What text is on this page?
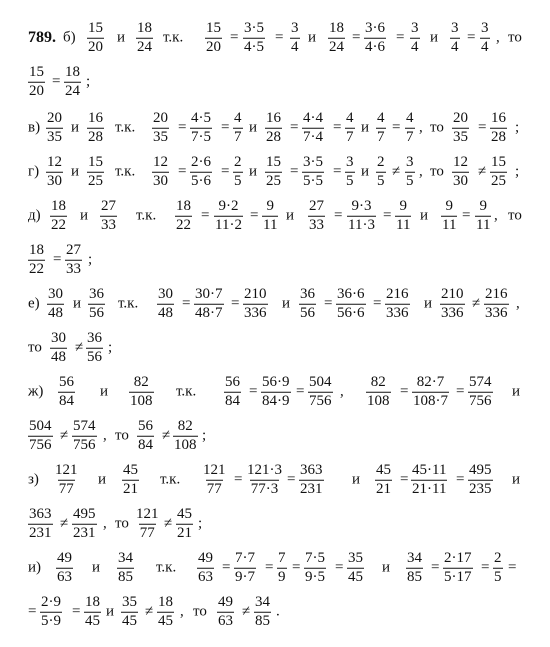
789. б)
15
20
и
18
24
т.к.
15
20
=
3·5
4·5
=
3
4
и
18
24
=
3·6
4·6
=
3
4
и
3
4
=
3
4
, то
15
20
=
18
24
;
в)
20
35
и
16
28
т.к.
20
35
=
4·5
7·5
=
4
7
и
16
28
=
4·4
7·4
=
4
7
и
4
7
=
4
7
, то
20
35
=
16
28
;
г)
12
30
и
15
25
т.к.
12
30
=
2·6
5·6
=
2
5
и
15
25
=
3·5
5·5
=
3
5
и
2
5
≠
3
5
, то
12
30
≠
15
25
;
д)
18
22
и
27
33
т.к.
18
22
=
9·2
11·2
=
9
11
и
27
33
=
9·3
11·3
=
9
11
и
9
11
=
9
11
, то
18
22
=
27
33
;
е)
30
48
и
36
56
т.к.
30
48
=
30·7
48·7
=
210
336
и
36
56
=
36·6
56·6
=
216
336
и
210
336
≠
216
336
,
то
30
48
≠
36
56
;
ж)
56
84
и
82
108
т.к.
56
84
=
56·9
84·9
=
504
756
,
82
108
=
82·7
108·7
=
574
756
и
504
756
≠
574
756
, то
56
84
≠
82
108
;
з)
121
77
и
45
21
т.к.
121
77
=
121·3
77·3
=
363
231
и
45
21
=
45·11
21·11
=
495
235
и
363
231
≠
495
231
, то
121
77
≠
45
21
;
и)
49
63
и
34
85
т.к.
49
63
=
7·7
9·7
=
7
9
=
7·5
9·5
=
35
45
и
34
85
=
2·17
5·17
=
2
5
=
=
2·9
5·9
=
18
45
и
35
45
≠
18
45
, то
49
63
≠
34
85
.
